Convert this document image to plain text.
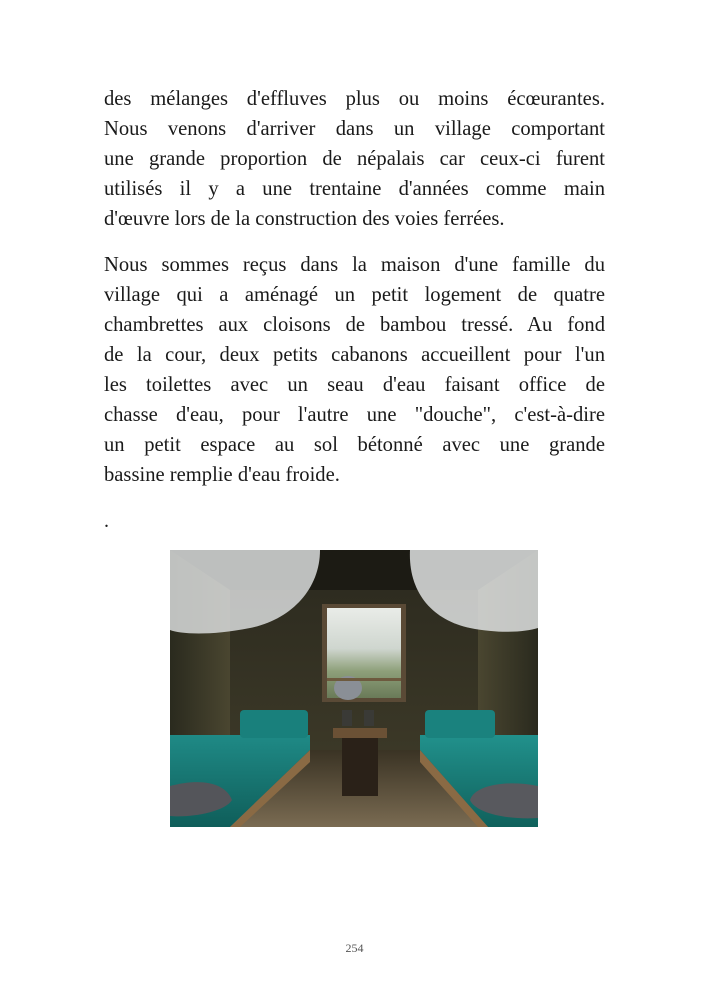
des mélanges d'effluves plus ou moins écœurantes.
Nous venons d'arriver dans un village comportant
une grande proportion de népalais car ceux-ci furent
utilisés il y a une trentaine d'années comme main
d'œuvre lors de la construction des voies ferrées.
Nous sommes reçus dans la maison d'une famille du
village qui a aménagé un petit logement de quatre
chambrettes aux cloisons de bambou tressé. Au fond
de la cour, deux petits cabanons accueillent pour l'un
les toilettes avec un seau d'eau faisant office de
chasse d'eau, pour l'autre une "douche", c'est-à-dire
un petit espace au sol bétonné avec une grande
bassine remplie d'eau froide.
.
254
